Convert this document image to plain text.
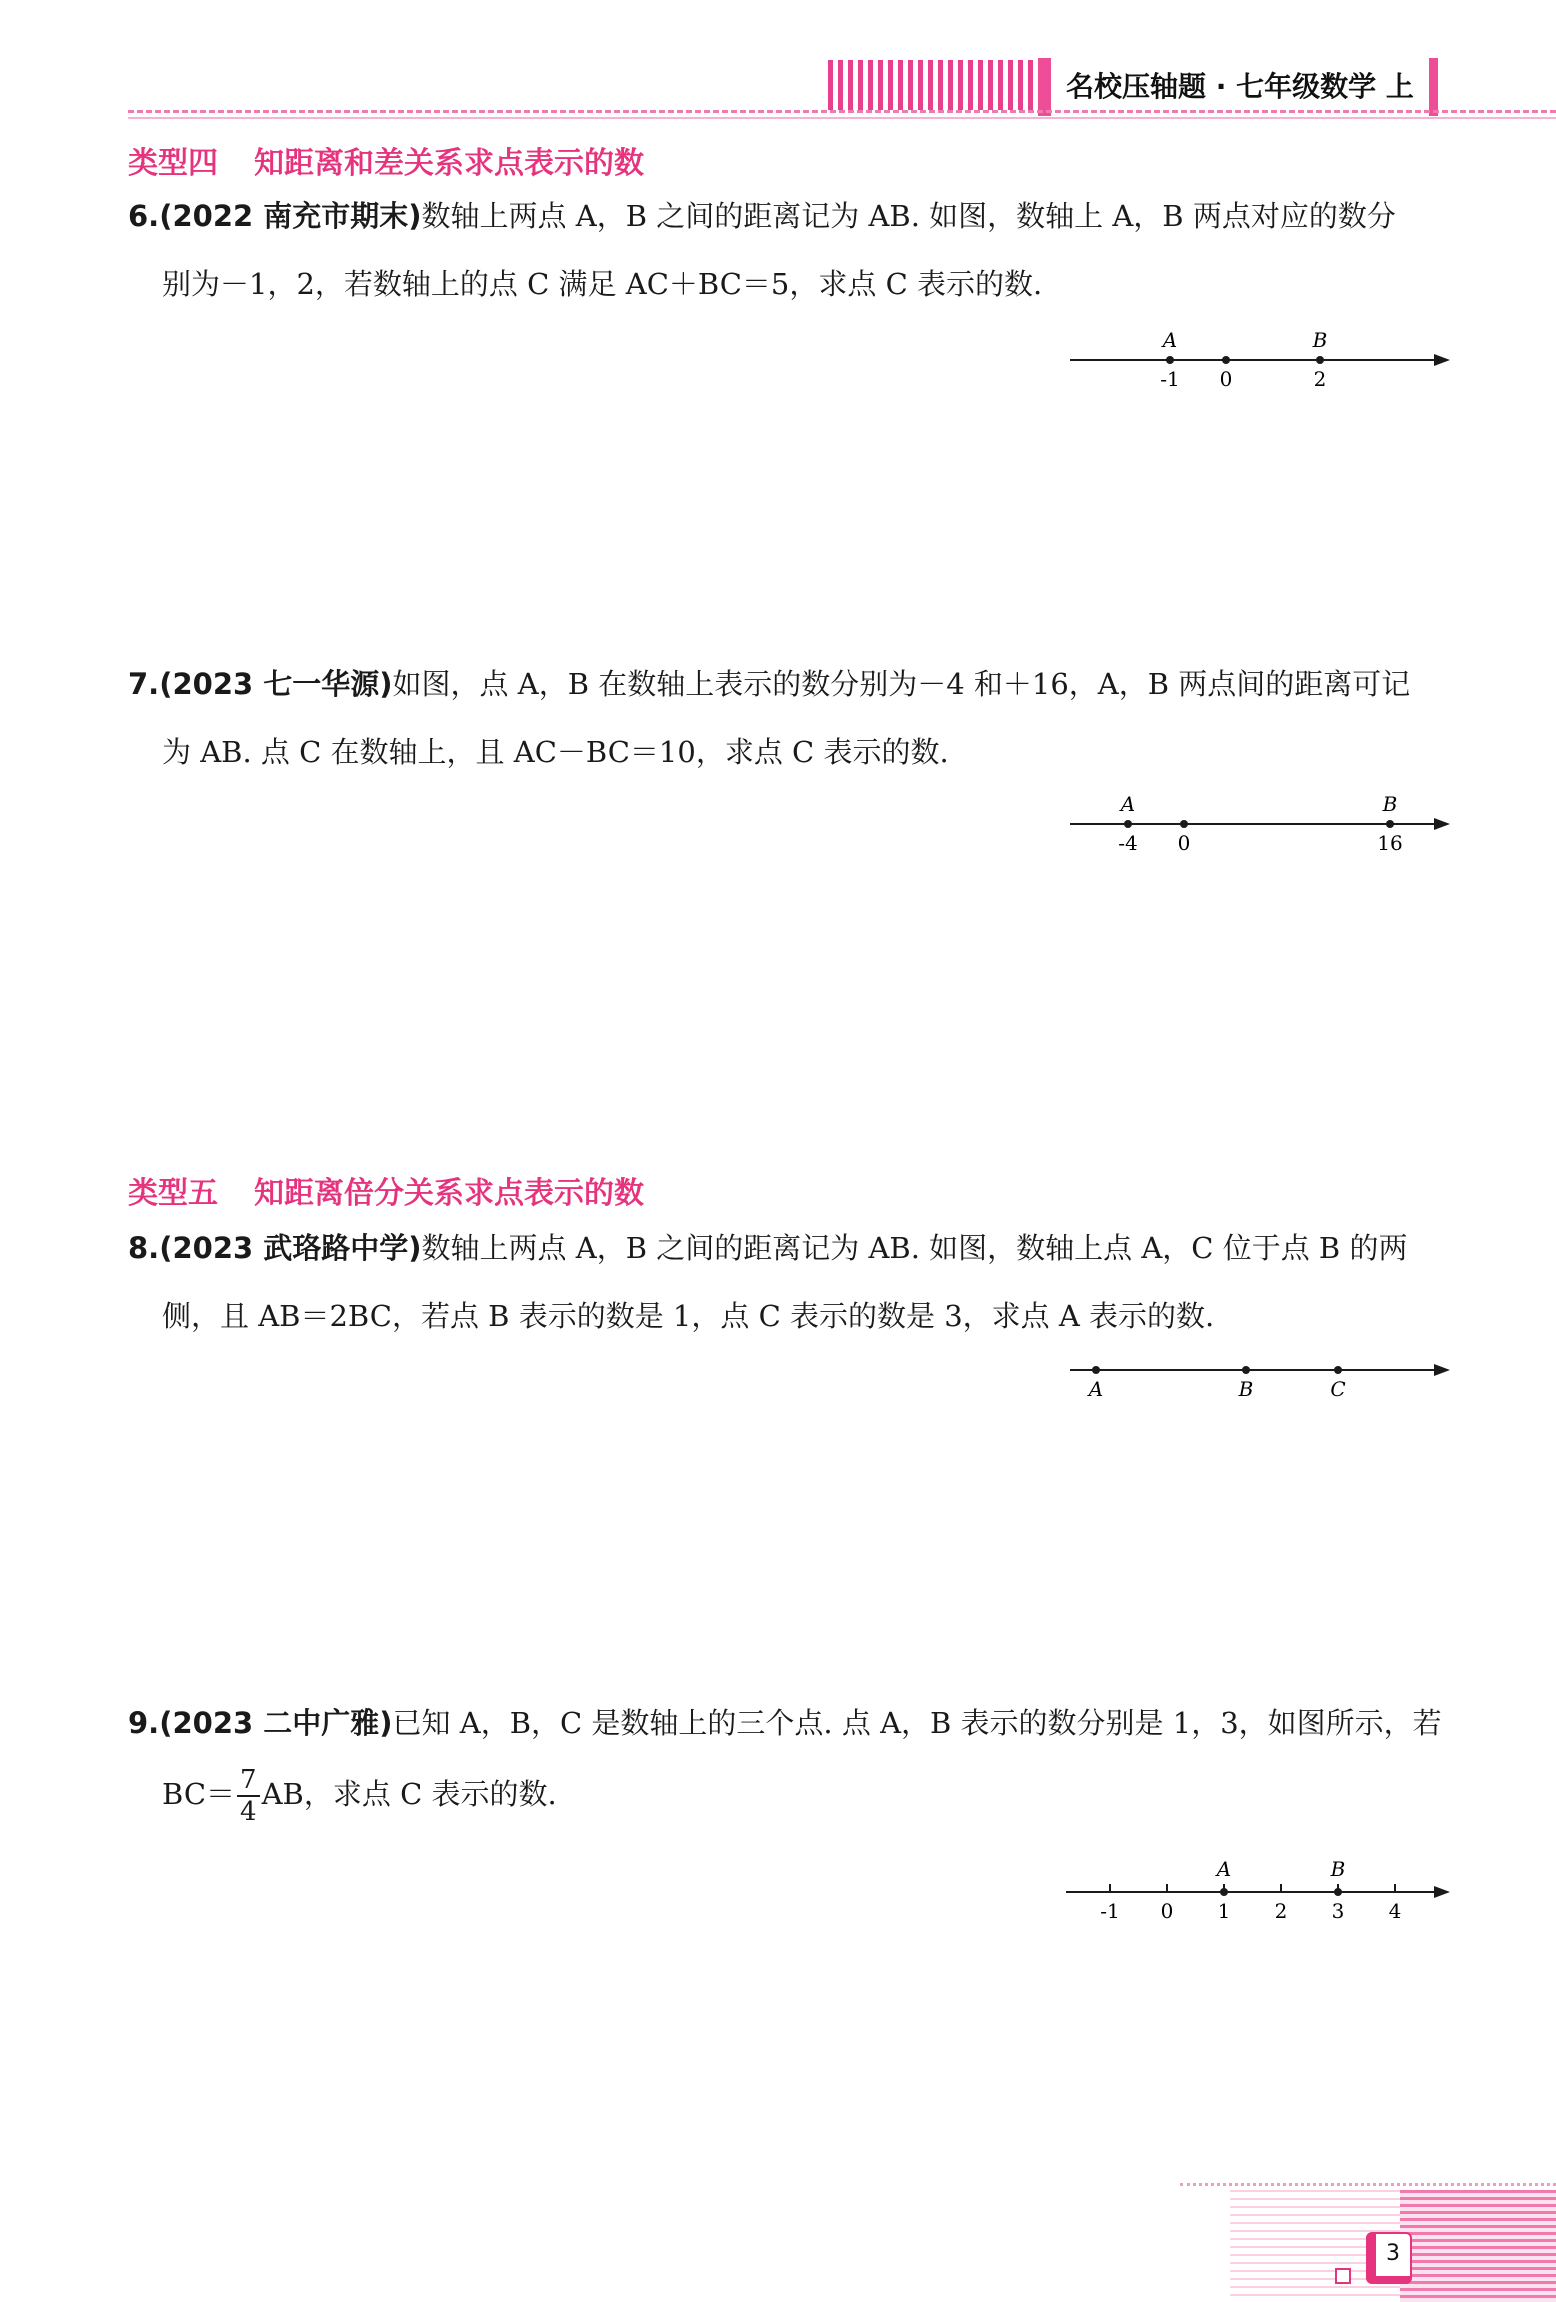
名校压轴题 · 七年级数学 上
类型四 知距离和差关系求点表示的数
6.(2022 南充市期末)数轴上两点 A，B 之间的距离记为 AB. 如图，数轴上 A，B 两点对应的数分
别为－1，2，若数轴上的点 C 满足 AC＋BC＝5，求点 C 表示的数.
A	B
-1 0	2
7.(2023 七一华源)如图，点 A，B 在数轴上表示的数分别为－4 和＋16，A，B 两点间的距离可记
为 AB. 点 C 在数轴上，且 AC－BC＝10，求点 C 表示的数.
A	B
-4 0	16
类型五 知距离倍分关系求点表示的数
8.(2023 武珞路中学)数轴上两点 A，B 之间的距离记为 AB. 如图，数轴上点 A，C 位于点 B 的两
侧，且 AB＝2BC，若点 B 表示的数是 1，点 C 表示的数是 3，求点 A 表示的数.
A	B	C
9.(2023 二中广雅)已知 A，B，C 是数轴上的三个点. 点 A，B 表示的数分别是 1，3，如图所示，若
$BC= \frac{7}{4}$ AB，求点 C 表示的数.
A	B
-1 0 1 2 3 4
3
